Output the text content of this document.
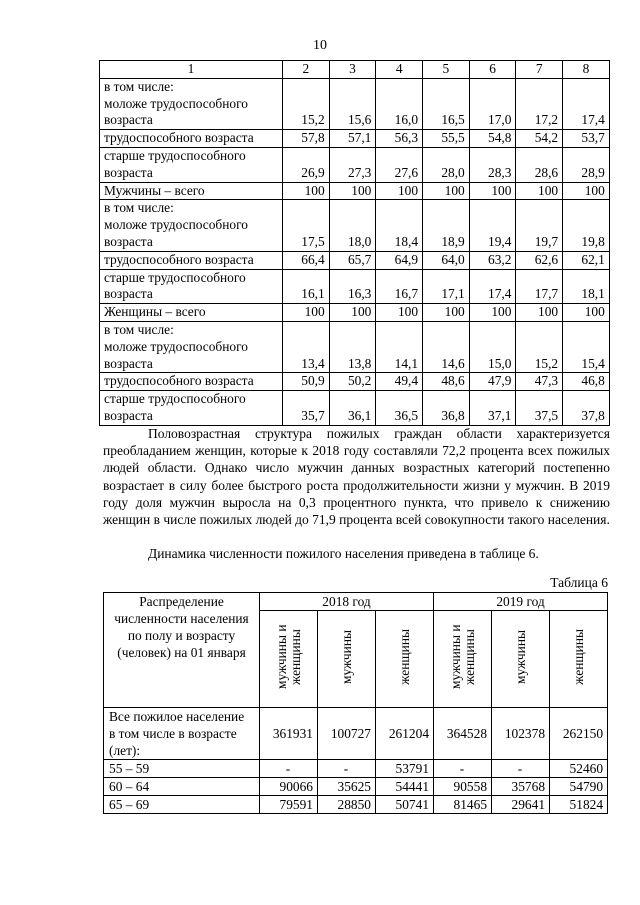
10
1	2	3	4	5	6	7	8
в том числе:
моложе трудоспособного
возраста	15,2	15,6	16,0	16,5	17,0	17,2	17,4
трудоспособного возраста	57,8	57,1	56,3	55,5	54,8	54,2	53,7
старше трудоспособного
возраста	26,9	27,3	27,6	28,0	28,3	28,6	28,9
Мужчины – всего	100	100	100	100	100	100	100
в том числе:
моложе трудоспособного
возраста	17,5	18,0	18,4	18,9	19,4	19,7	19,8
трудоспособного возраста	66,4	65,7	64,9	64,0	63,2	62,6	62,1
старше трудоспособного
возраста	16,1	16,3	16,7	17,1	17,4	17,7	18,1
Женщины – всего	100	100	100	100	100	100	100
в том числе:
моложе трудоспособного
возраста	13,4	13,8	14,1	14,6	15,0	15,2	15,4
трудоспособного возраста	50,9	50,2	49,4	48,6	47,9	47,3	46,8
старше трудоспособного
возраста	35,7	36,1	36,5	36,8	37,1	37,5	37,8
Половозрастная структура пожилых граждан области характеризуется преобладанием женщин, которые к 2018 году составляли 72,2 процента всех пожилых людей области. Однако число мужчин данных возрастных категорий постепенно возрастает в силу более быстрого роста продолжительности жизни у мужчин. В 2019 году доля мужчин выросла на 0,3 процентного пункта, что привело к снижению женщин в числе пожилых людей до 71,9 процента всей совокупности такого населения.
Динамика численности пожилого населения приведена в таблице 6.
Таблица 6
Распределение численности населения по полу и возрасту (человек) на 01 января	2018 год			2019 год		
	мужчины и женщины	мужчины	женщины	мужчины и женщины	мужчины	женщины
Все пожилое население
в том числе в возрасте (лет):	361931	100727	261204	364528	102378	262150
55 – 59	-	-	53791	-	-	52460
60 – 64	90066	35625	54441	90558	35768	54790
65 – 69	79591	28850	50741	81465	29641	51824
